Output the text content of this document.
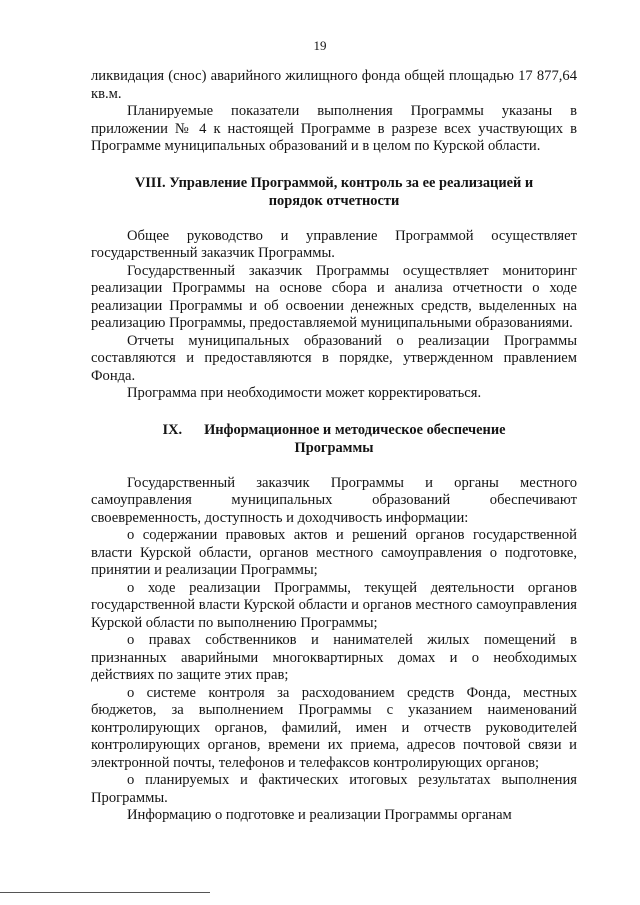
19

ликвидация (снос) аварийного жилищного фонда общей площадью 17 877,64 кв.м.

Планируемые показатели выполнения Программы указаны в приложении № 4 к настоящей Программе в разрезе всех участвующих в Программе муниципальных образований и в целом по Курской области.

VIII. Управление Программой, контроль за ее реализацией и
порядок отчетности

Общее руководство и управление Программой осуществляет государственный заказчик Программы.

Государственный заказчик Программы осуществляет мониторинг реализации Программы на основе сбора и анализа отчетности о ходе реализации Программы и об освоении денежных средств, выделенных на реализацию Программы, предоставляемой муниципальными образованиями.

Отчеты муниципальных образований о реализации Программы составляются и предоставляются в порядке, утвержденном правлением Фонда.

Программа при необходимости может корректироваться.

IX. Информационное и методическое обеспечение
Программы

Государственный заказчик Программы и органы местного самоуправления муниципальных образований обеспечивают своевременность, доступность и доходчивость информации:

о содержании правовых актов и решений органов государственной власти Курской области, органов местного самоуправления о подготовке, принятии и реализации Программы;

о ходе реализации Программы, текущей деятельности органов государственной власти Курской области и органов местного самоуправления Курской области по выполнению Программы;

о правах собственников и нанимателей жилых помещений в признанных аварийными многоквартирных домах и о необходимых действиях по защите этих прав;

о системе контроля за расходованием средств Фонда, местных бюджетов, за выполнением Программы с указанием наименований контролирующих органов, фамилий, имен и отчеств руководителей контролирующих органов, времени их приема, адресов почтовой связи и электронной почты, телефонов и телефаксов контролирующих органов;

о планируемых и фактических итоговых результатах выполнения Программы.

Информацию о подготовке и реализации Программы органам
